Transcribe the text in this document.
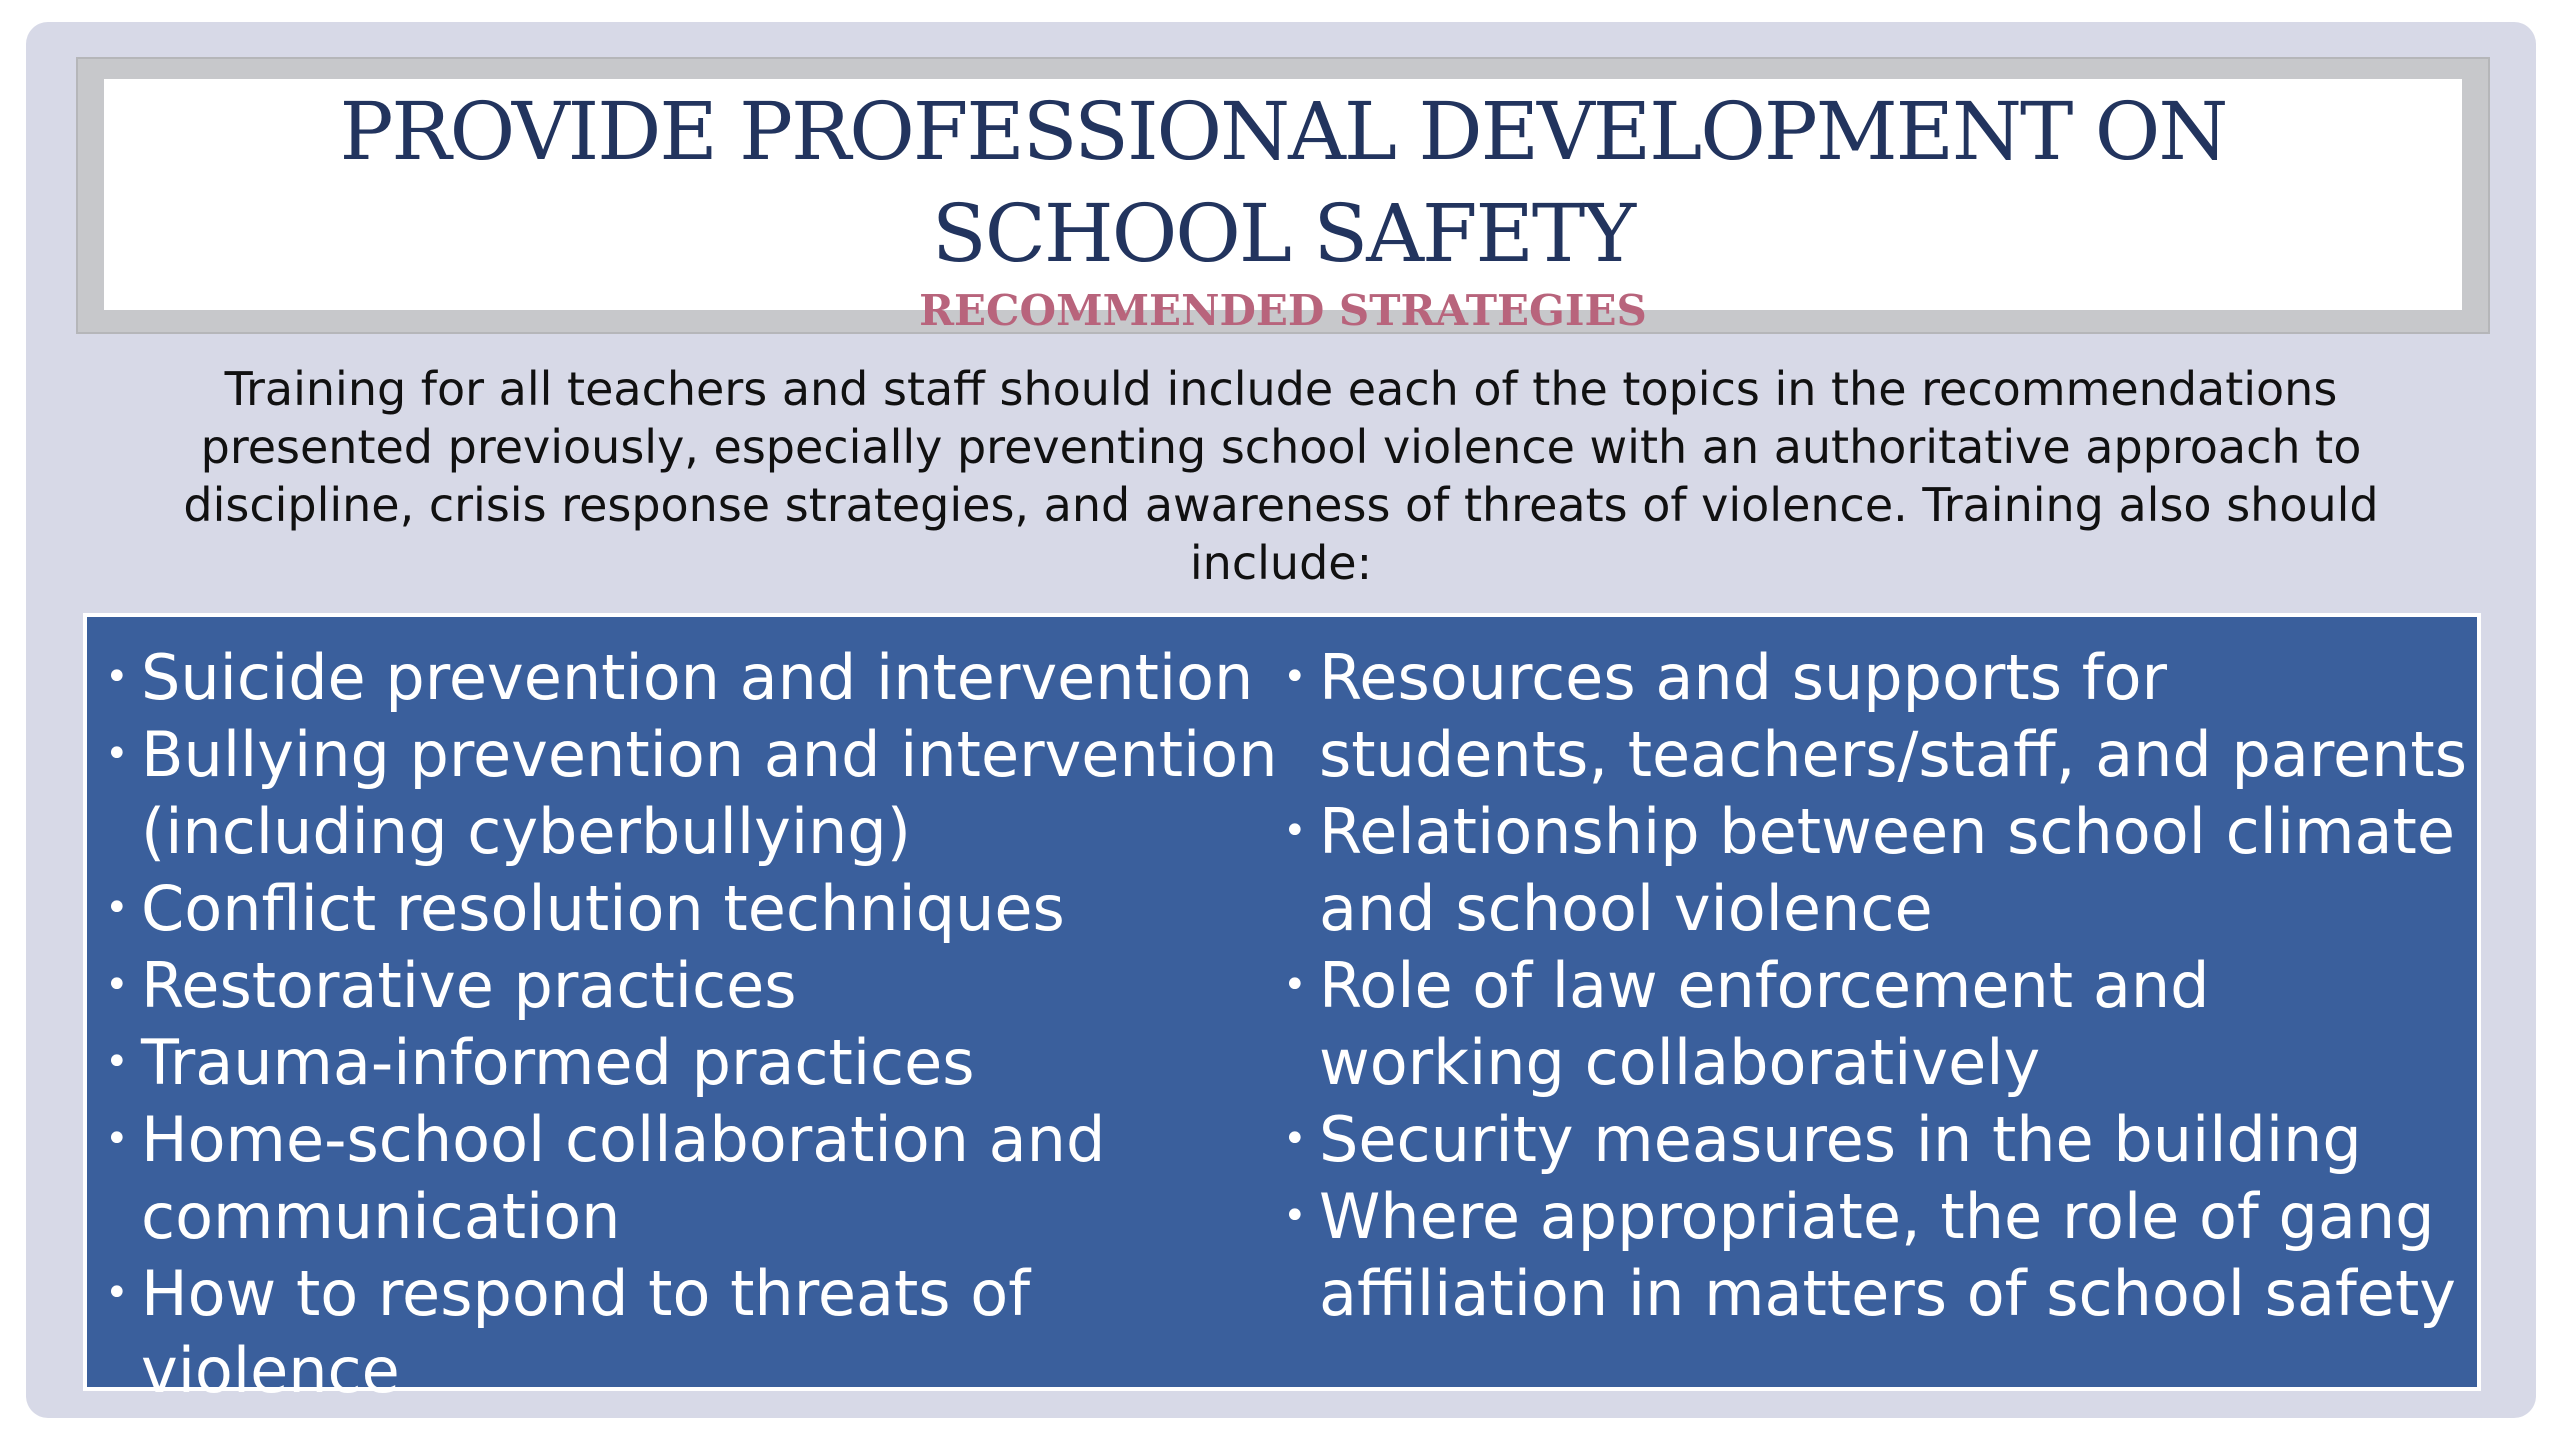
PROVIDE PROFESSIONAL DEVELOPMENT ON
SCHOOL SAFETY

RECOMMENDED STRATEGIES

Training for all teachers and staff should include each of the topics in the recommendations presented previously, especially preventing school violence with an authoritative approach to discipline, crisis response strategies, and awareness of threats of violence. Training also should include:

• Suicide prevention and intervention
• Bullying prevention and intervention (including cyberbullying)
• Conflict resolution techniques
• Restorative practices
• Trauma-informed practices
• Home-school collaboration and communication
• How to respond to threats of violence
• Resources and supports for students, teachers/staff, and parents
• Relationship between school climate and school violence
• Role of law enforcement and working collaboratively
• Security measures in the building
• Where appropriate, the role of gang affiliation in matters of school safety
